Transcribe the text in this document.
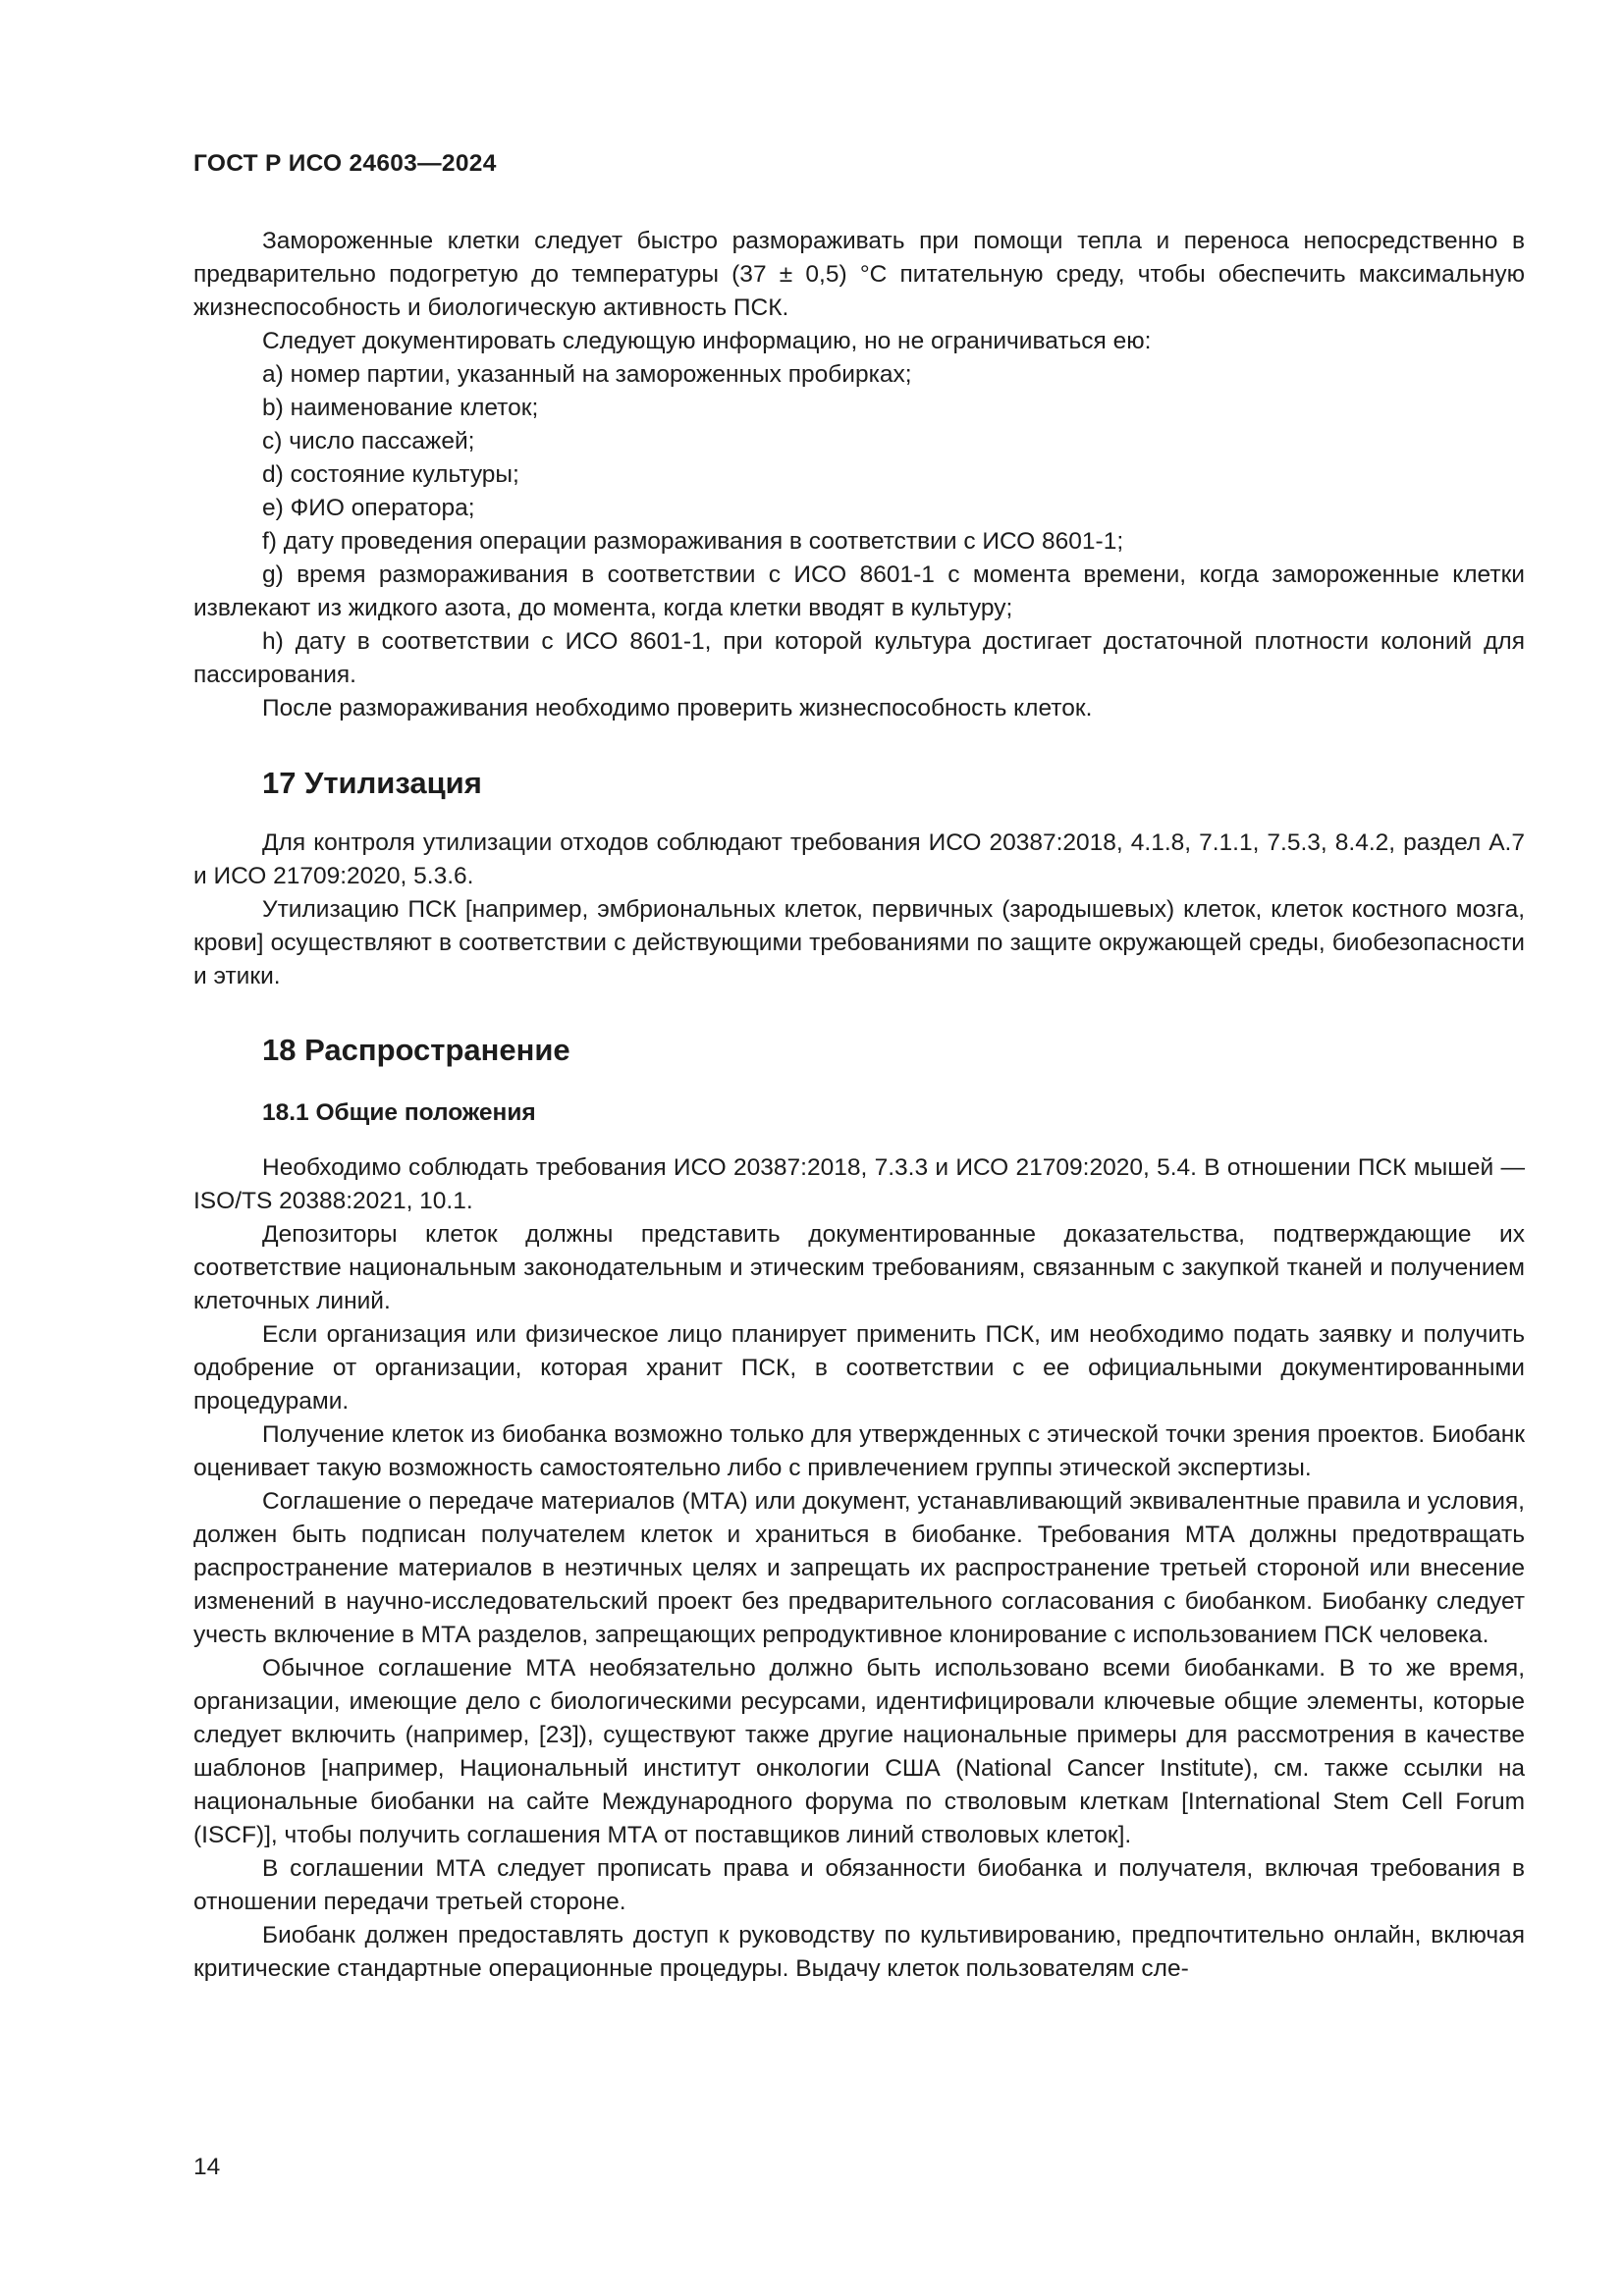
ГОСТ Р ИСО 24603—2024

Замороженные клетки следует быстро размораживать при помощи тепла и переноса непосредственно в предварительно подогретую до температуры (37 ± 0,5) °С питательную среду, чтобы обеспечить максимальную жизнеспособность и биологическую активность ПСК.

Следует документировать следующую информацию, но не ограничиваться ею:

a) номер партии, указанный на замороженных пробирках;

b) наименование клеток;

c) число пассажей;

d) состояние культуры;

e) ФИО оператора;

f) дату проведения операции размораживания в соответствии с ИСО 8601-1;

g) время размораживания в соответствии с ИСО 8601-1 с момента времени, когда замороженные клетки извлекают из жидкого азота, до момента, когда клетки вводят в культуру;

h) дату в соответствии с ИСО 8601-1, при которой культура достигает достаточной плотности колоний для пассирования.

После размораживания необходимо проверить жизнеспособность клеток.

17 Утилизация

Для контроля утилизации отходов соблюдают требования ИСО 20387:2018, 4.1.8, 7.1.1, 7.5.3, 8.4.2, раздел А.7 и ИСО 21709:2020, 5.3.6.

Утилизацию ПСК [например, эмбриональных клеток, первичных (зародышевых) клеток, клеток костного мозга, крови] осуществляют в соответствии с действующими требованиями по защите окружающей среды, биобезопасности и этики.

18 Распространение
18.1 Общие положения

Необходимо соблюдать требования ИСО 20387:2018, 7.3.3 и ИСО 21709:2020, 5.4. В отношении ПСК мышей — ISO/TS 20388:2021, 10.1.

Депозиторы клеток должны представить документированные доказательства, подтверждающие их соответствие национальным законодательным и этическим требованиям, связанным с закупкой тканей и получением клеточных линий.

Если организация или физическое лицо планирует применить ПСК, им необходимо подать заявку и получить одобрение от организации, которая хранит ПСК, в соответствии с ее официальными документированными процедурами.

Получение клеток из биобанка возможно только для утвержденных с этической точки зрения проектов. Биобанк оценивает такую возможность самостоятельно либо с привлечением группы этической экспертизы.

Соглашение о передаче материалов (МТА) или документ, устанавливающий эквивалентные правила и условия, должен быть подписан получателем клеток и храниться в биобанке. Требования МТА должны предотвращать распространение материалов в неэтичных целях и запрещать их распространение третьей стороной или внесение изменений в научно-исследовательский проект без предварительного согласования с биобанком. Биобанку следует учесть включение в МТА разделов, запрещающих репродуктивное клонирование с использованием ПСК человека.

Обычное соглашение МТА необязательно должно быть использовано всеми биобанками. В то же время, организации, имеющие дело с биологическими ресурсами, идентифицировали ключевые общие элементы, которые следует включить (например, [23]), существуют также другие национальные примеры для рассмотрения в качестве шаблонов [например, Национальный институт онкологии США (National Cancer Institute), см. также ссылки на национальные биобанки на сайте Международного форума по стволовым клеткам [International Stem Cell Forum (ISCF)], чтобы получить соглашения МТА от поставщиков линий стволовых клеток].

В соглашении МТА следует прописать права и обязанности биобанка и получателя, включая требования в отношении передачи третьей стороне.

Биобанк должен предоставлять доступ к руководству по культивированию, предпочтительно онлайн, включая критические стандартные операционные процедуры. Выдачу клеток пользователям сле-

14
